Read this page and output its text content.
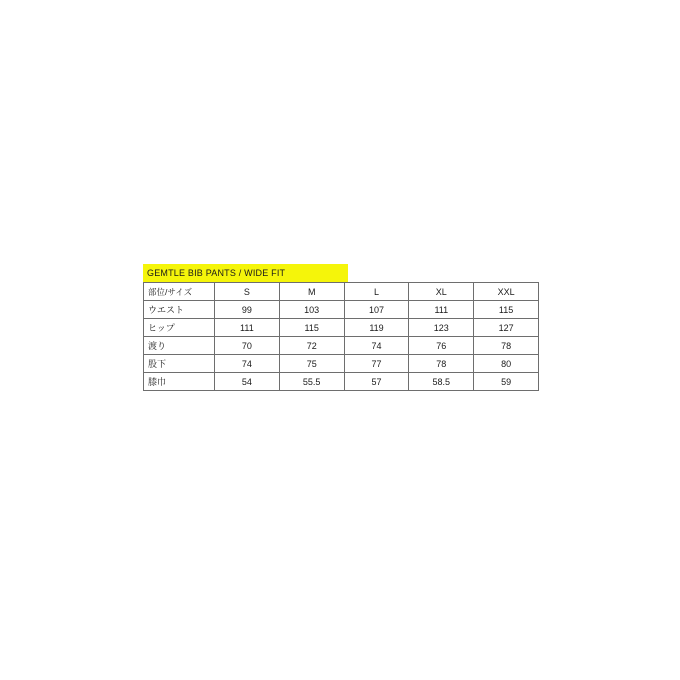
GEMTLE BIB PANTS / WIDE FIT
部位/サイズ	S	M	L	XL	XXL
ウエスト	99	103	107	111	115
ヒップ	111	115	119	123	127
渡り	70	72	74	76	78
股下	74	75	77	78	80
膝巾	54	55.5	57	58.5	59
